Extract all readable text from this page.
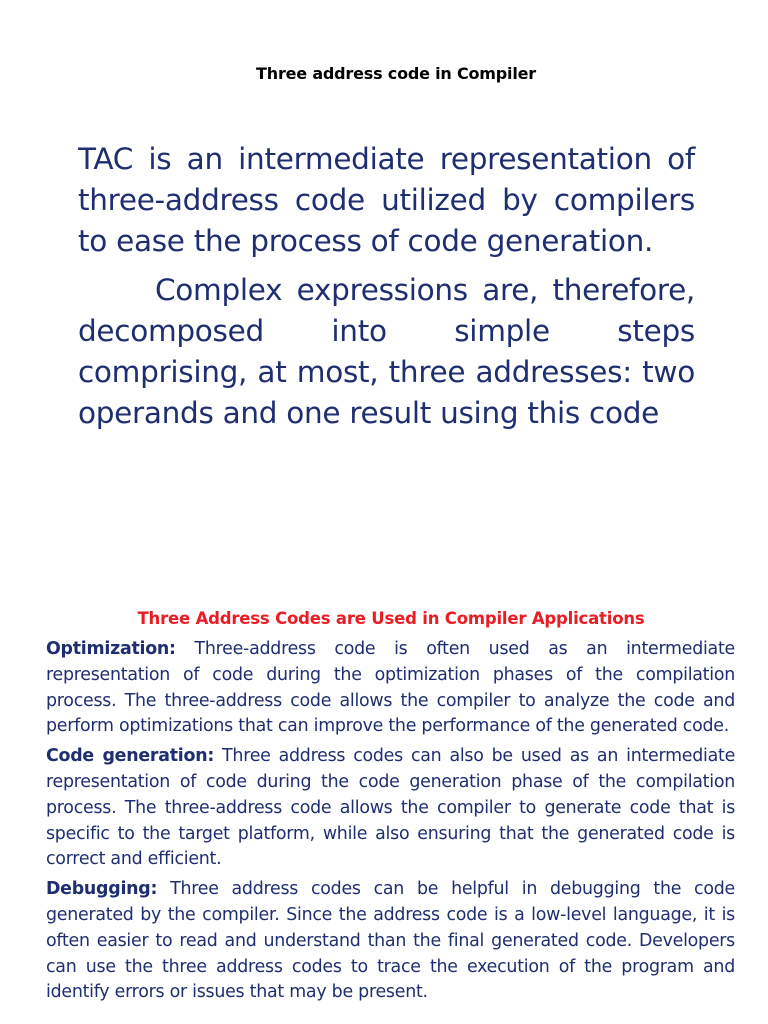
Three address code in Compiler

TAC is an intermediate representation of three-address code utilized by compilers to ease the process of code generation.

Complex expressions are, therefore, decomposed into simple steps comprising, at most, three addresses: two operands and one result using this code

Three Address Codes are Used in Compiler Applications

Optimization: Three-address code is often used as an intermediate representation of code during the optimization phases of the compilation process. The three-address code allows the compiler to analyze the code and perform optimizations that can improve the performance of the generated code.

Code generation: Three address codes can also be used as an intermediate representation of code during the code generation phase of the compilation process. The three-address code allows the compiler to generate code that is specific to the target platform, while also ensuring that the generated code is correct and efficient.

Debugging: Three address codes can be helpful in debugging the code generated by the compiler. Since the address code is a low-level language, it is often easier to read and understand than the final generated code. Developers can use the three address codes to trace the execution of the program and identify errors or issues that may be present.
